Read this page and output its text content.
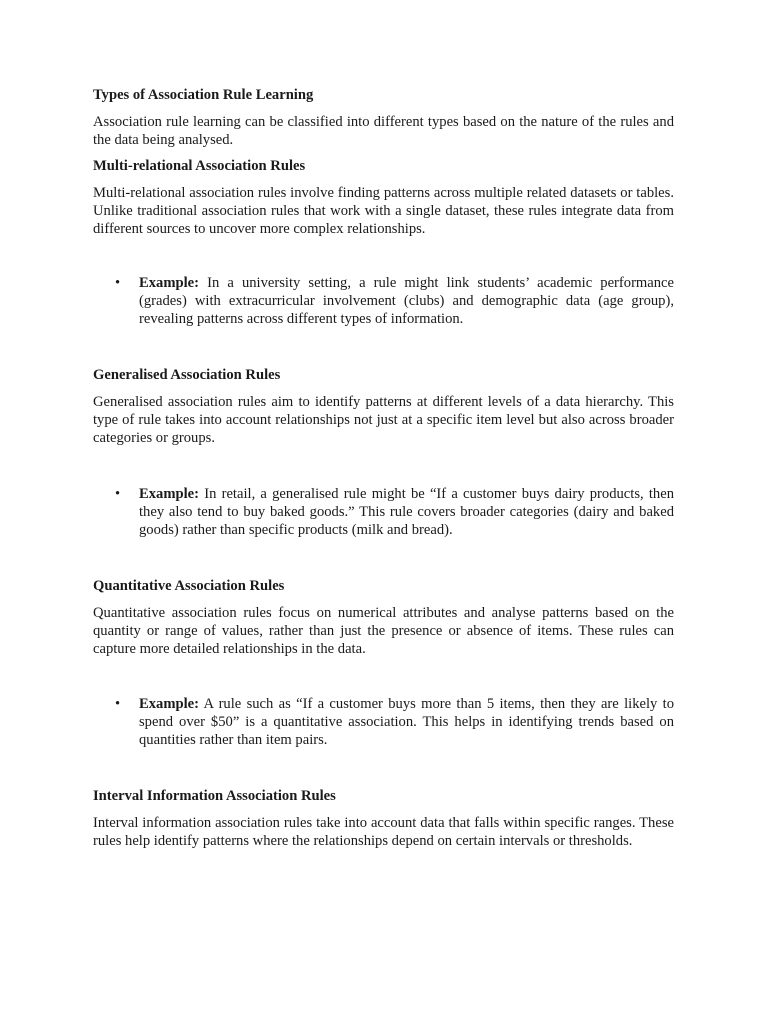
Types of Association Rule Learning

Association rule learning can be classified into different types based on the nature of the rules and the data being analysed.

Multi-relational Association Rules

Multi-relational association rules involve finding patterns across multiple related datasets or tables. Unlike traditional association rules that work with a single dataset, these rules integrate data from different sources to uncover more complex relationships.

• Example: In a university setting, a rule might link students’ academic performance (grades) with extracurricular involvement (clubs) and demographic data (age group), revealing patterns across different types of information.
Generalised Association Rules

Generalised association rules aim to identify patterns at different levels of a data hierarchy. This type of rule takes into account relationships not just at a specific item level but also across broader categories or groups.

• Example: In retail, a generalised rule might be “If a customer buys dairy products, then they also tend to buy baked goods.” This rule covers broader categories (dairy and baked goods) rather than specific products (milk and bread).
Quantitative Association Rules

Quantitative association rules focus on numerical attributes and analyse patterns based on the quantity or range of values, rather than just the presence or absence of items. These rules can capture more detailed relationships in the data.

• Example: A rule such as “If a customer buys more than 5 items, then they are likely to spend over $50” is a quantitative association. This helps in identifying trends based on quantities rather than item pairs.
Interval Information Association Rules

Interval information association rules take into account data that falls within specific ranges. These rules help identify patterns where the relationships depend on certain intervals or thresholds.
